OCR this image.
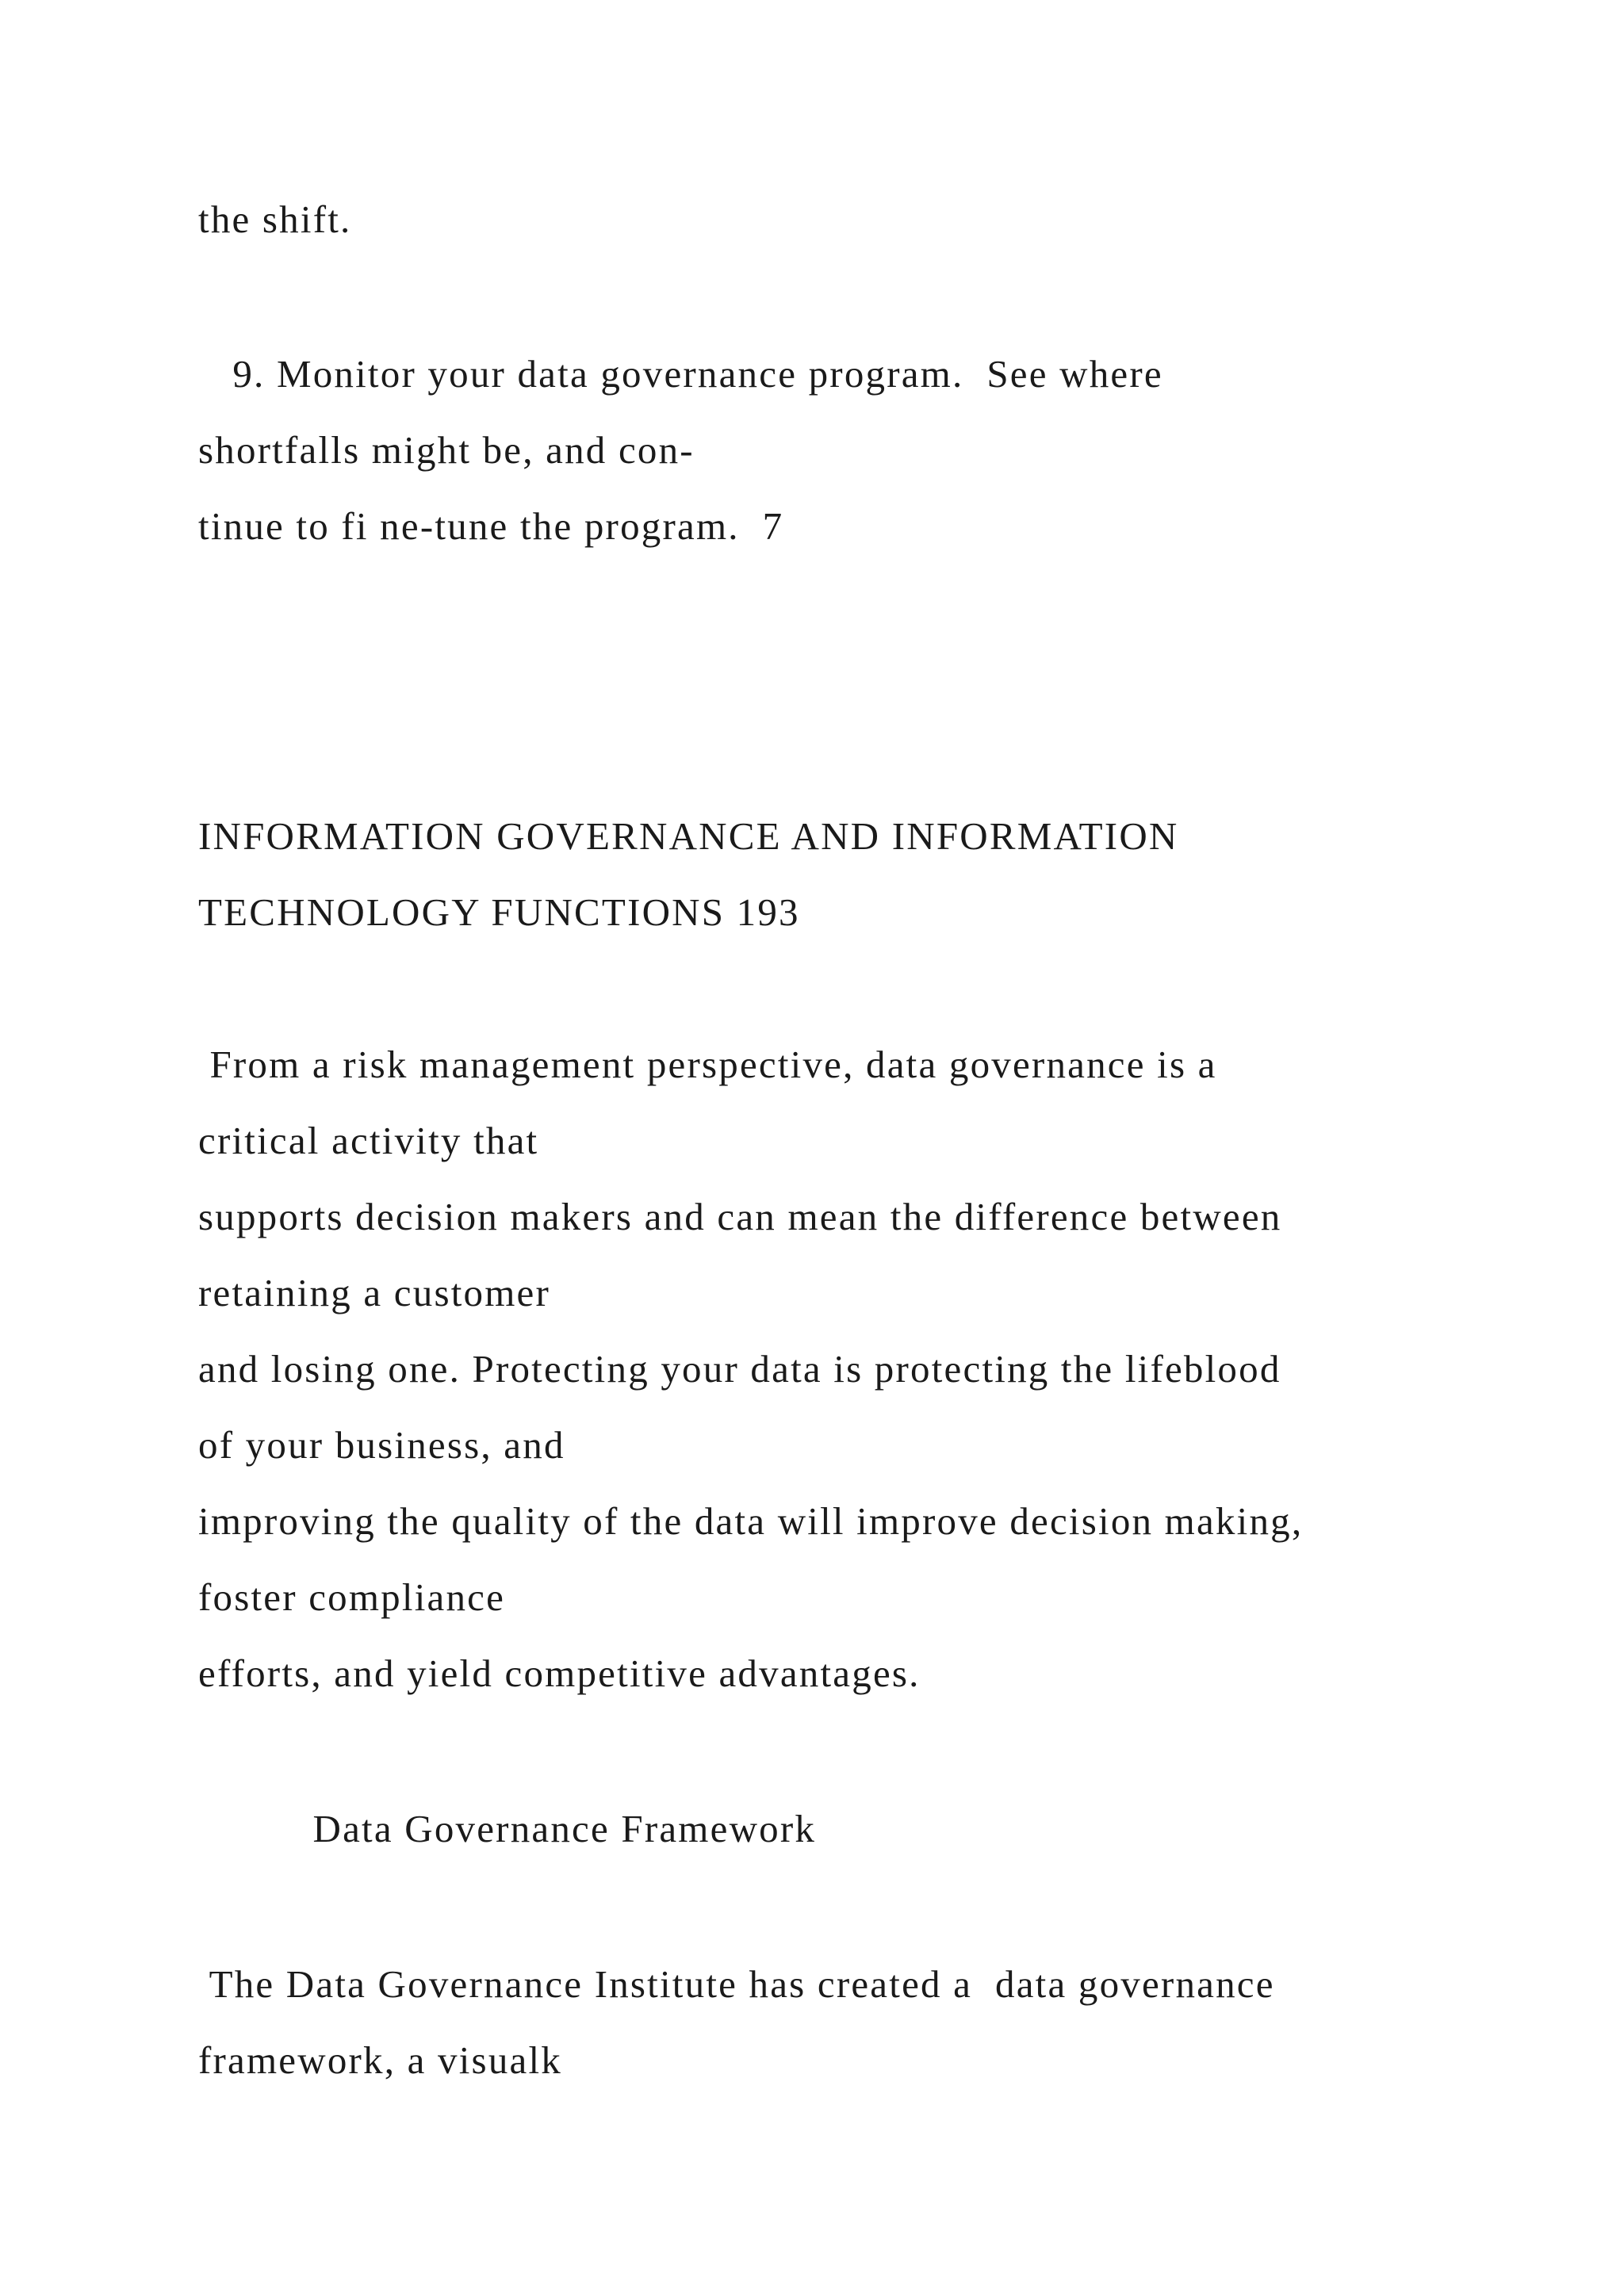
the shift.
9. Monitor your data governance program.  See where
shortfalls might be, and con-
tinue to fi ne-tune the program.  7
INFORMATION GOVERNANCE AND INFORMATION
TECHNOLOGY FUNCTIONS 193
From a risk management perspective, data governance is a
critical activity that
supports decision makers and can mean the difference between
retaining a customer
and losing one. Protecting your data is protecting the lifeblood
of your business, and
improving the quality of the data will improve decision making,
foster compliance
efforts, and yield competitive advantages.
Data Governance Framework
The Data Governance Institute has created a  data governance
framework, a visualk
